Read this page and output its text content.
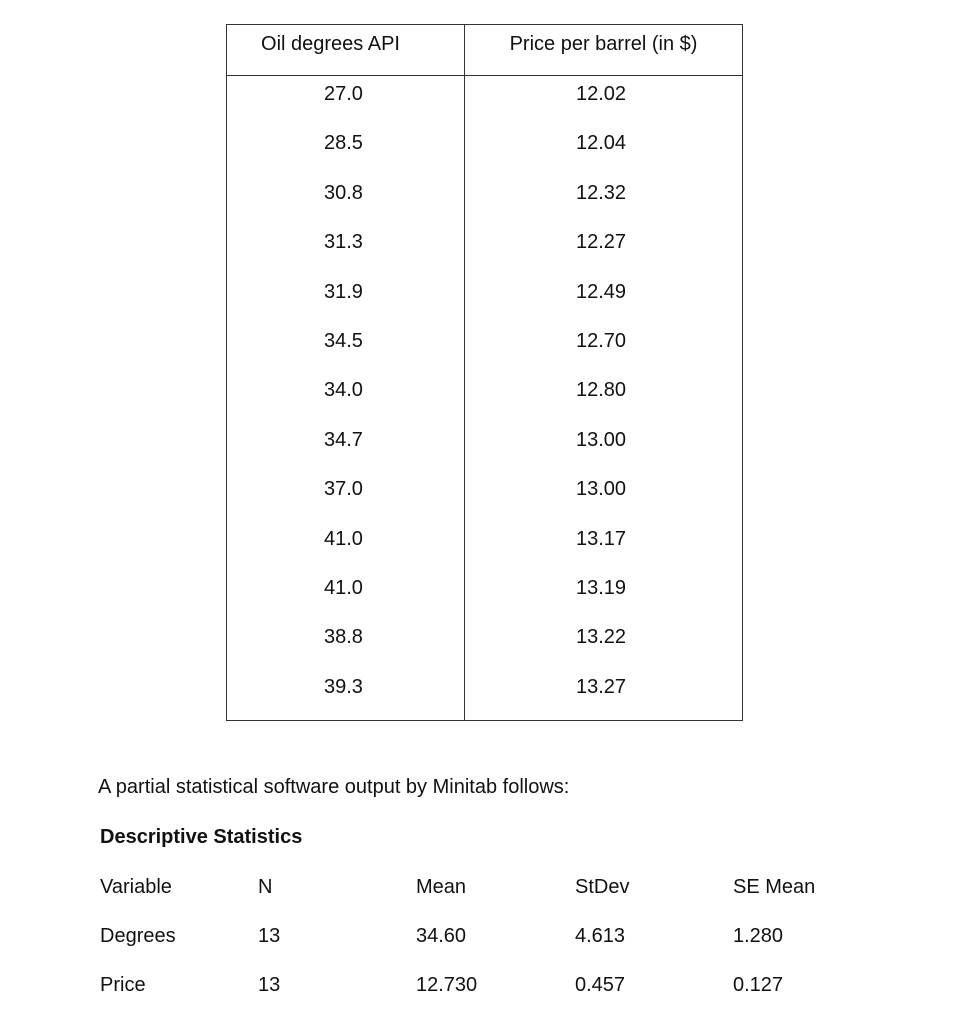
Oil degrees API	Price per barrel (in $)
27.0	12.02
28.5	12.04
30.8	12.32
31.3	12.27
31.9	12.49
34.5	12.70
34.0	12.80
34.7	13.00
37.0	13.00
41.0	13.17
41.0	13.19
38.8	13.22
39.3	13.27
A partial statistical software output by Minitab follows:
Descriptive Statistics
Variable	N	Mean	StDev	SE Mean
Degrees	13	34.60	4.613	1.280
Price	13	12.730	0.457	0.127
